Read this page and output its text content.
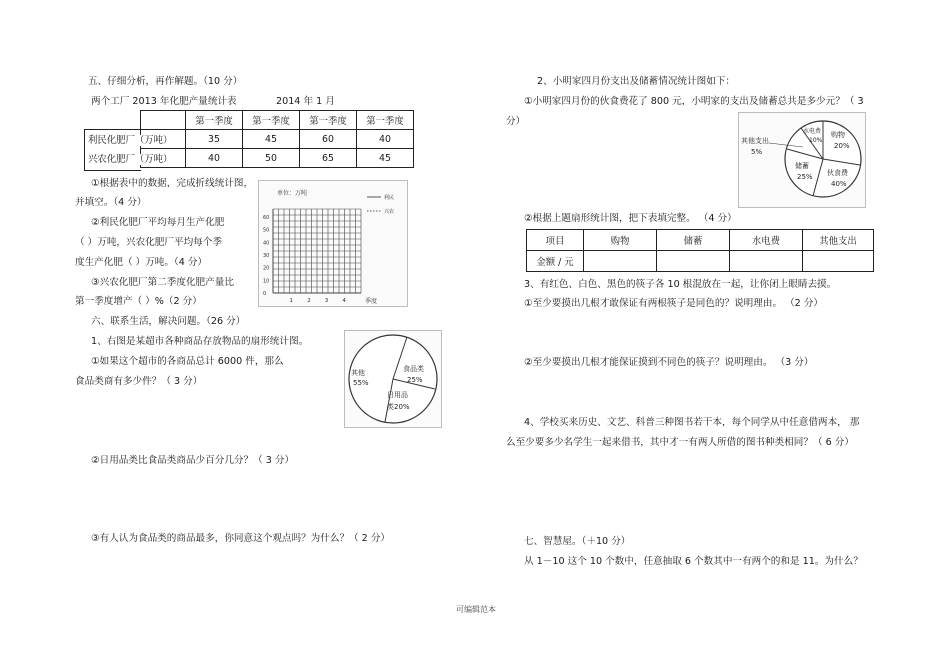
五、仔细分析，再作解题。（10 分）
两个工厂 2013 年化肥产量统计表	2014 年 1 月
	第一季度	第一季度	第一季度	第一季度
利民化肥厂（万吨）	35	45	60	40
兴农化肥厂（万吨）	40	50	65	45
①根据表中的数据，完成折线统计图，
并填空。（4 分）
②利民化肥厂平均每月生产化肥
（ ）万吨，兴农化肥厂平均每个季
度生产化肥（ ）万吨。（4 分）
③兴农化肥厂第二季度化肥产量比
第一季度增产（ ）%（2 分）
单位：万吨
利民
兴农
60
50
40
30
20
10
0
1	2	3	4	季度
六、联系生活，解决问题。（26 分）
1、右图是某超市各种商品存放物品的扇形统计图。
①如果这个超市的各商品总计 6000 件，那么
食品类商有多少件？（ 3 分）
②日用品类比食品类商品少百分几分？（ 3 分）
③有人认为食品类的商品最多，你同意这个观点吗？为什么？（ 2 分）
其他
55%
食品类
25%
日用品
类20%
2、小明家四月份支出及储蓄情况统计图如下：
①小明家四月份的伙食费花了 800 元，小明家的支出及储蓄总共是多少元？（ 3
分）
其他支出
5%
水电费
10%
购物
20%
储蓄
25% 伙食费
40%
②根据上题扇形统计图，把下表填完整。 （4 分）
项目	购物	储蓄	水电费	其他支出
金额 / 元				
3、有红色、白色、黑色的筷子各 10 根混放在一起，让你闭上眼睛去摸。
①至少要摸出几根才敢保证有两根筷子是同色的？说明理由。 （2 分）
②至少要摸出几根才能保证摸到不同色的筷子？说明理由。 （3 分）
4、学校买来历史、文艺、科普三种图书若干本，每个同学从中任意借两本， 那
么至少要多少名学生一起来借书，其中才一有两人所借的图书种类相同？（ 6 分）
七、智慧屋。（＋10 分）
从 1－10 这个 10 个数中，任意抽取 6 个数其中一有两个的和是 11。为什么？
可编辑范本
